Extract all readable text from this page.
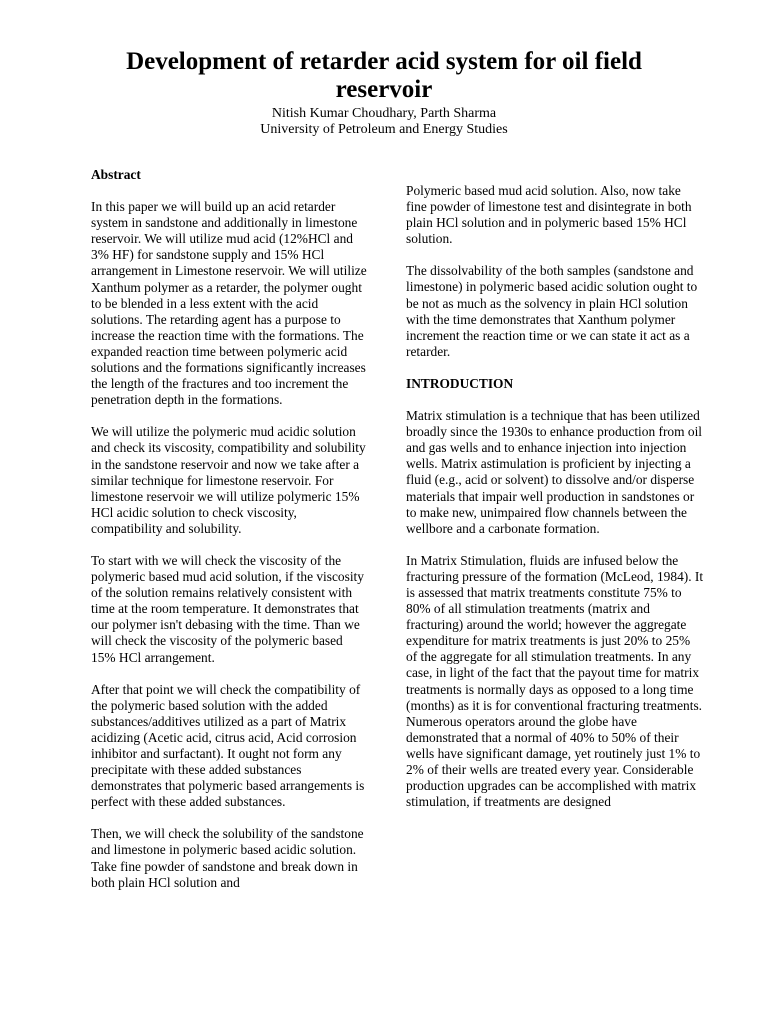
Development of retarder acid system for oil field reservoir
Nitish Kumar Choudhary, Parth Sharma
University of Petroleum and Energy Studies
Abstract

In this paper we will build up an acid retarder system in sandstone and additionally in limestone reservoir. We will utilize mud acid (12%HCl and 3% HF) for sandstone supply and 15% HCl arrangement in Limestone reservoir. We will utilize Xanthum polymer as a retarder, the polymer ought to be blended in a less extent with the acid solutions. The retarding agent has a purpose to increase the reaction time with the formations. The expanded reaction time between polymeric acid solutions and the formations significantly increases the length of the fractures and too increment the penetration depth in the formations.

We will utilize the polymeric mud acidic solution and check its viscosity, compatibility and solubility in the sandstone reservoir and now we take after a similar technique for limestone reservoir. For limestone reservoir we will utilize polymeric 15% HCl acidic solution to check viscosity, compatibility and solubility.

To start with we will check the viscosity of the polymeric based mud acid solution, if the viscosity of the solution remains relatively consistent with time at the room temperature. It demonstrates that our polymer isn't debasing with the time. Than we will check the viscosity of the polymeric based 15% HCl arrangement.

After that point we will check the compatibility of the polymeric based solution with the added substances/additives utilized as a part of Matrix acidizing (Acetic acid, citrus acid, Acid corrosion inhibitor and surfactant). It ought not form any precipitate with these added substances demonstrates that polymeric based arrangements is perfect with these added substances.

Then, we will check the solubility of the sandstone and limestone in polymeric based acidic solution. Take fine powder of sandstone and break down in both plain HCl solution and

Polymeric based mud acid solution. Also, now take fine powder of limestone test and disintegrate in both plain HCl solution and in polymeric based 15% HCl solution.

The dissolvability of the both samples (sandstone and limestone) in polymeric based acidic solution ought to be not as much as the solvency in plain HCl solution with the time demonstrates that Xanthum polymer increment the reaction time or we can state it act as a retarder.

INTRODUCTION

Matrix stimulation is a technique that has been utilized broadly since the 1930s to enhance production from oil and gas wells and to enhance injection into injection wells. Matrix astimulation is proficient by injecting a fluid (e.g., acid or solvent) to dissolve and/or disperse materials that impair well production in sandstones or to make new, unimpaired flow channels between the wellbore and a carbonate formation.

In Matrix Stimulation, fluids are infused below the fracturing pressure of the formation (McLeod, 1984). It is assessed that matrix treatments constitute 75% to 80% of all stimulation treatments (matrix and fracturing) around the world; however the aggregate expenditure for matrix treatments is just 20% to 25% of the aggregate for all stimulation treatments. In any case, in light of the fact that the payout time for matrix treatments is normally days as opposed to a long time (months) as it is for conventional fracturing treatments. Numerous operators around the globe have demonstrated that a normal of 40% to 50% of their wells have significant damage, yet routinely just 1% to 2% of their wells are treated every year. Considerable production upgrades can be accomplished with matrix stimulation, if treatments are designed
